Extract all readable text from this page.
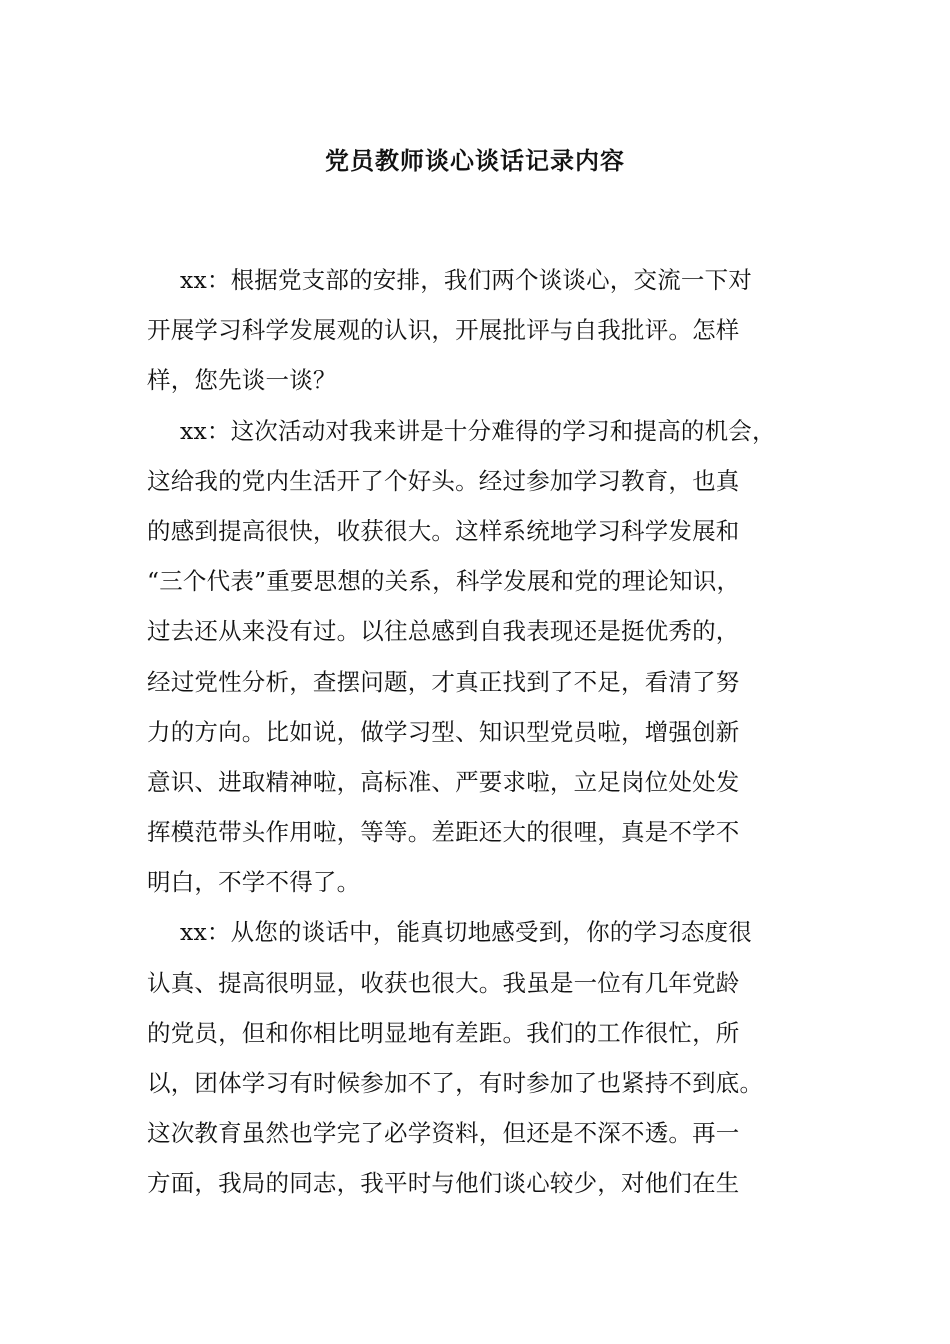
党员教师谈心谈话记录内容
xx：根据党支部的安排，我们两个谈谈心，交流一下对
开展学习科学发展观的认识，开展批评与自我批评。怎样
样，您先谈一谈？
xx：这次活动对我来讲是十分难得的学习和提高的机会，
这给我的党内生活开了个好头。经过参加学习教育，也真
的感到提高很快，收获很大。这样系统地学习科学发展和
“三个代表”重要思想的关系，科学发展和党的理论知识，
过去还从来没有过。以往总感到自我表现还是挺优秀的，
经过党性分析，查摆问题，才真正找到了不足，看清了努
力的方向。比如说，做学习型、知识型党员啦，增强创新
意识、进取精神啦，高标准、严要求啦，立足岗位处处发
挥模范带头作用啦，等等。差距还大的很哩，真是不学不
明白，不学不得了。
xx：从您的谈话中，能真切地感受到，你的学习态度很
认真、提高很明显，收获也很大。我虽是一位有几年党龄
的党员，但和你相比明显地有差距。我们的工作很忙，所
以，团体学习有时候参加不了，有时参加了也紧持不到底。
这次教育虽然也学完了必学资料，但还是不深不透。再一
方面，我局的同志，我平时与他们谈心较少，对他们在生
